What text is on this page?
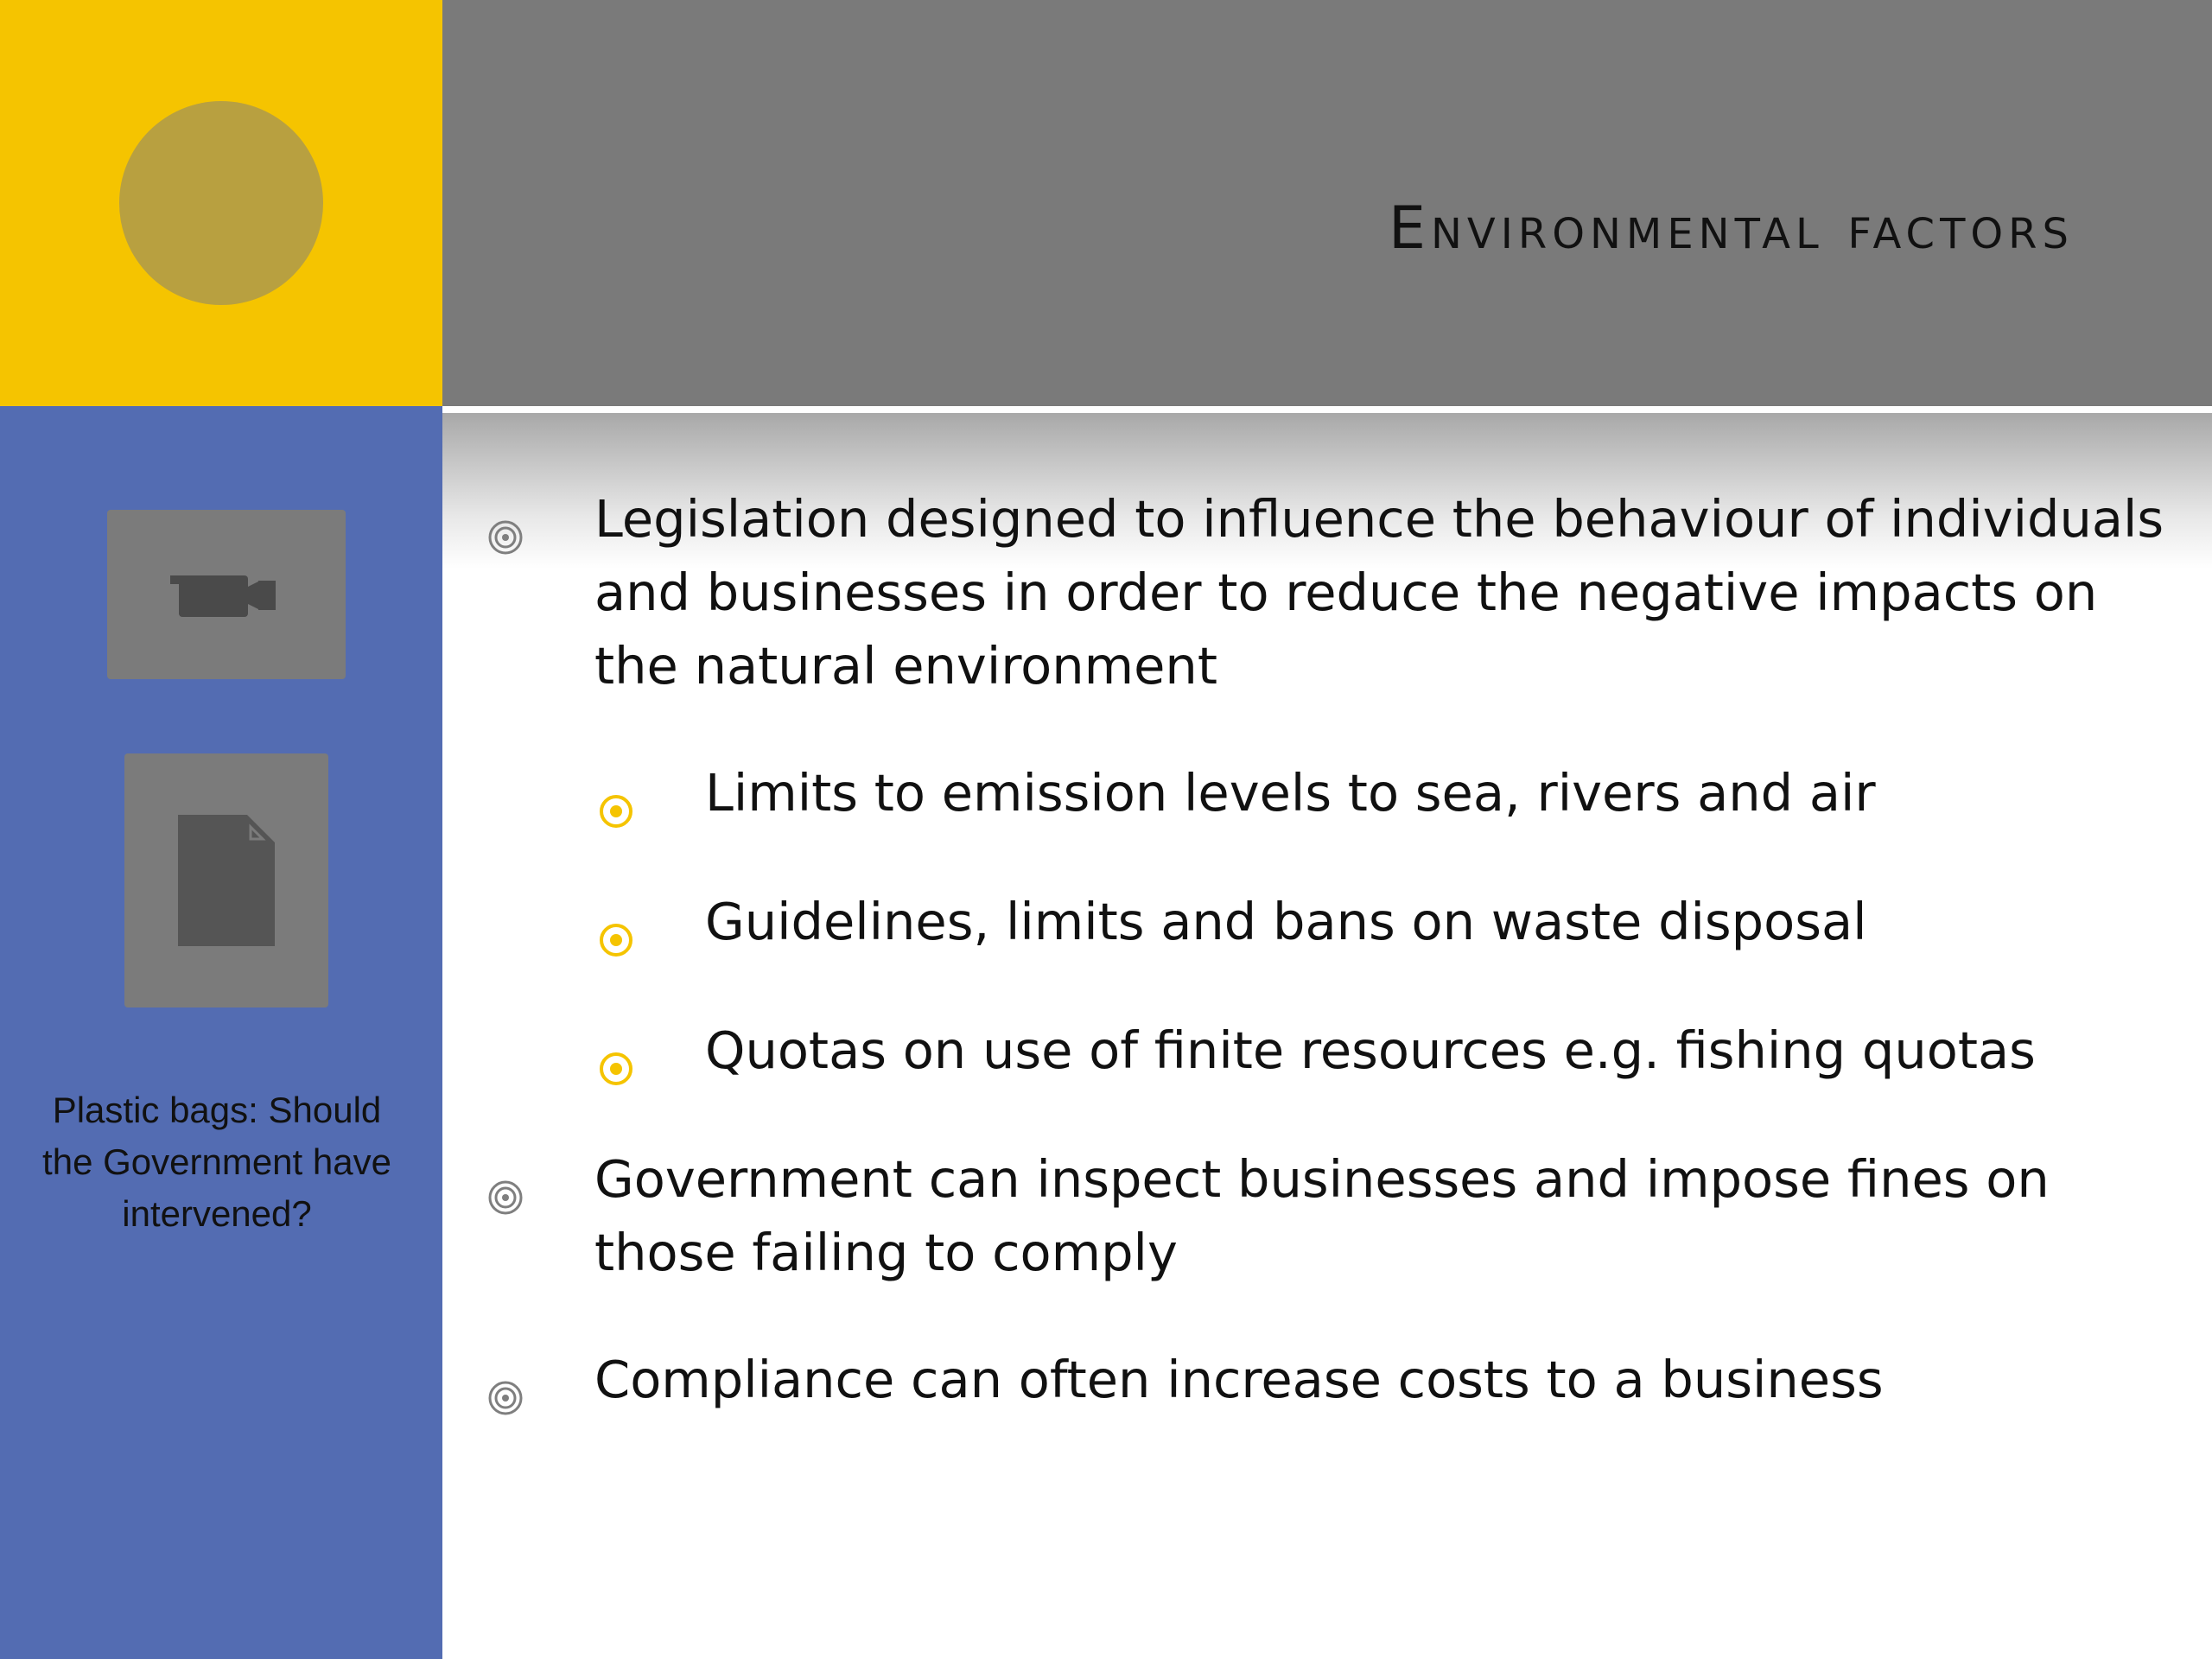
Environmental factors

Plastic bags: Should the Government have intervened?

Legislation designed to influence the behaviour of individuals and businesses in order to reduce the negative impacts on the natural environment
Limits to emission levels to sea, rivers and air
Guidelines, limits and bans on waste disposal
Quotas on use of finite resources e.g. fishing quotas
Government can inspect businesses and impose fines on those failing to comply
Compliance can often increase costs to a business
